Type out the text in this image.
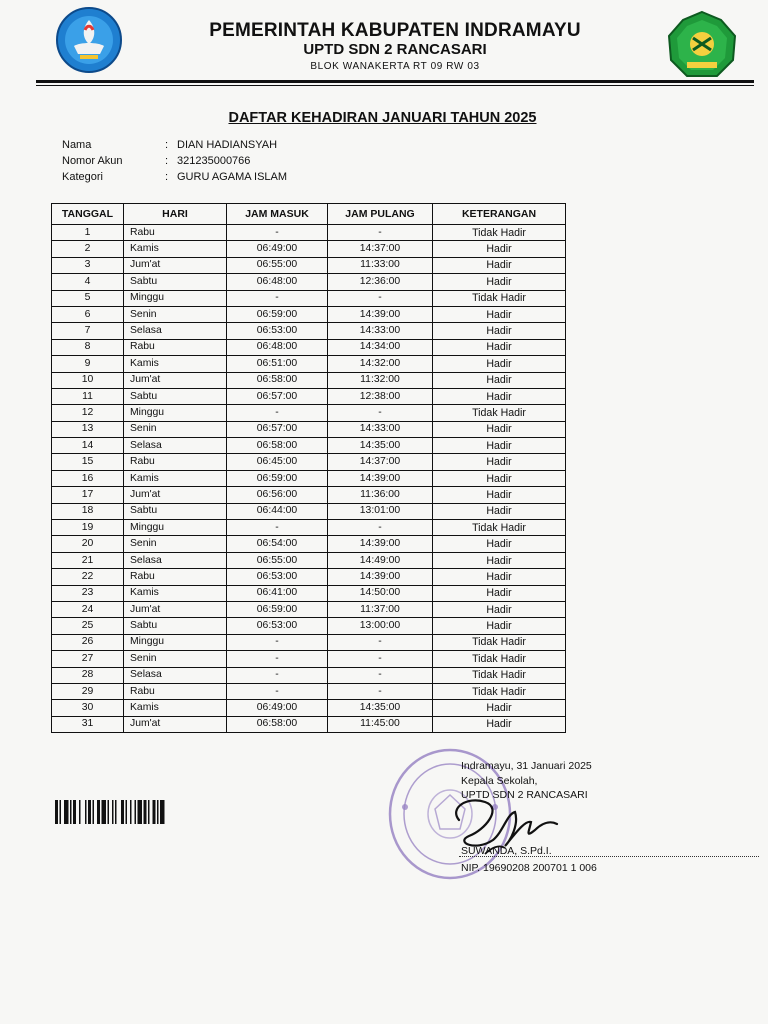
PEMERINTAH KABUPATEN INDRAMAYU
UPTD SDN 2 RANCASARI
BLOK WANAKERTA RT 09 RW 03
DAFTAR KEHADIRAN JANUARI TAHUN 2025
Nama	: DIAN HADIANSYAH
Nomor Akun	: 321235000766
Kategori	: GURU AGAMA ISLAM
TANGGAL	HARI	JAM MASUK	JAM PULANG	KETERANGAN
1	Rabu	-	-	Tidak Hadir
2	Kamis	06:49:00	14:37:00	Hadir
3	Jum'at	06:55:00	11:33:00	Hadir
4	Sabtu	06:48:00	12:36:00	Hadir
5	Minggu	-	-	Tidak Hadir
6	Senin	06:59:00	14:39:00	Hadir
7	Selasa	06:53:00	14:33:00	Hadir
8	Rabu	06:48:00	14:34:00	Hadir
9	Kamis	06:51:00	14:32:00	Hadir
10	Jum'at	06:58:00	11:32:00	Hadir
11	Sabtu	06:57:00	12:38:00	Hadir
12	Minggu	-	-	Tidak Hadir
13	Senin	06:57:00	14:33:00	Hadir
14	Selasa	06:58:00	14:35:00	Hadir
15	Rabu	06:45:00	14:37:00	Hadir
16	Kamis	06:59:00	14:39:00	Hadir
17	Jum'at	06:56:00	11:36:00	Hadir
18	Sabtu	06:44:00	13:01:00	Hadir
19	Minggu	-	-	Tidak Hadir
20	Senin	06:54:00	14:39:00	Hadir
21	Selasa	06:55:00	14:49:00	Hadir
22	Rabu	06:53:00	14:39:00	Hadir
23	Kamis	06:41:00	14:50:00	Hadir
24	Jum'at	06:59:00	11:37:00	Hadir
25	Sabtu	06:53:00	13:00:00	Hadir
26	Minggu	-	-	Tidak Hadir
27	Senin	-	-	Tidak Hadir
28	Selasa	-	-	Tidak Hadir
29	Rabu	-	-	Tidak Hadir
30	Kamis	06:49:00	14:35:00	Hadir
31	Jum'at	06:58:00	11:45:00	Hadir
Indramayu, 31 Januari 2025
Kepala Sekolah,
UPTD SDN 2 RANCASARI
SUWANDA, S.Pd.I.
NIP. 19690208 200701 1 006
